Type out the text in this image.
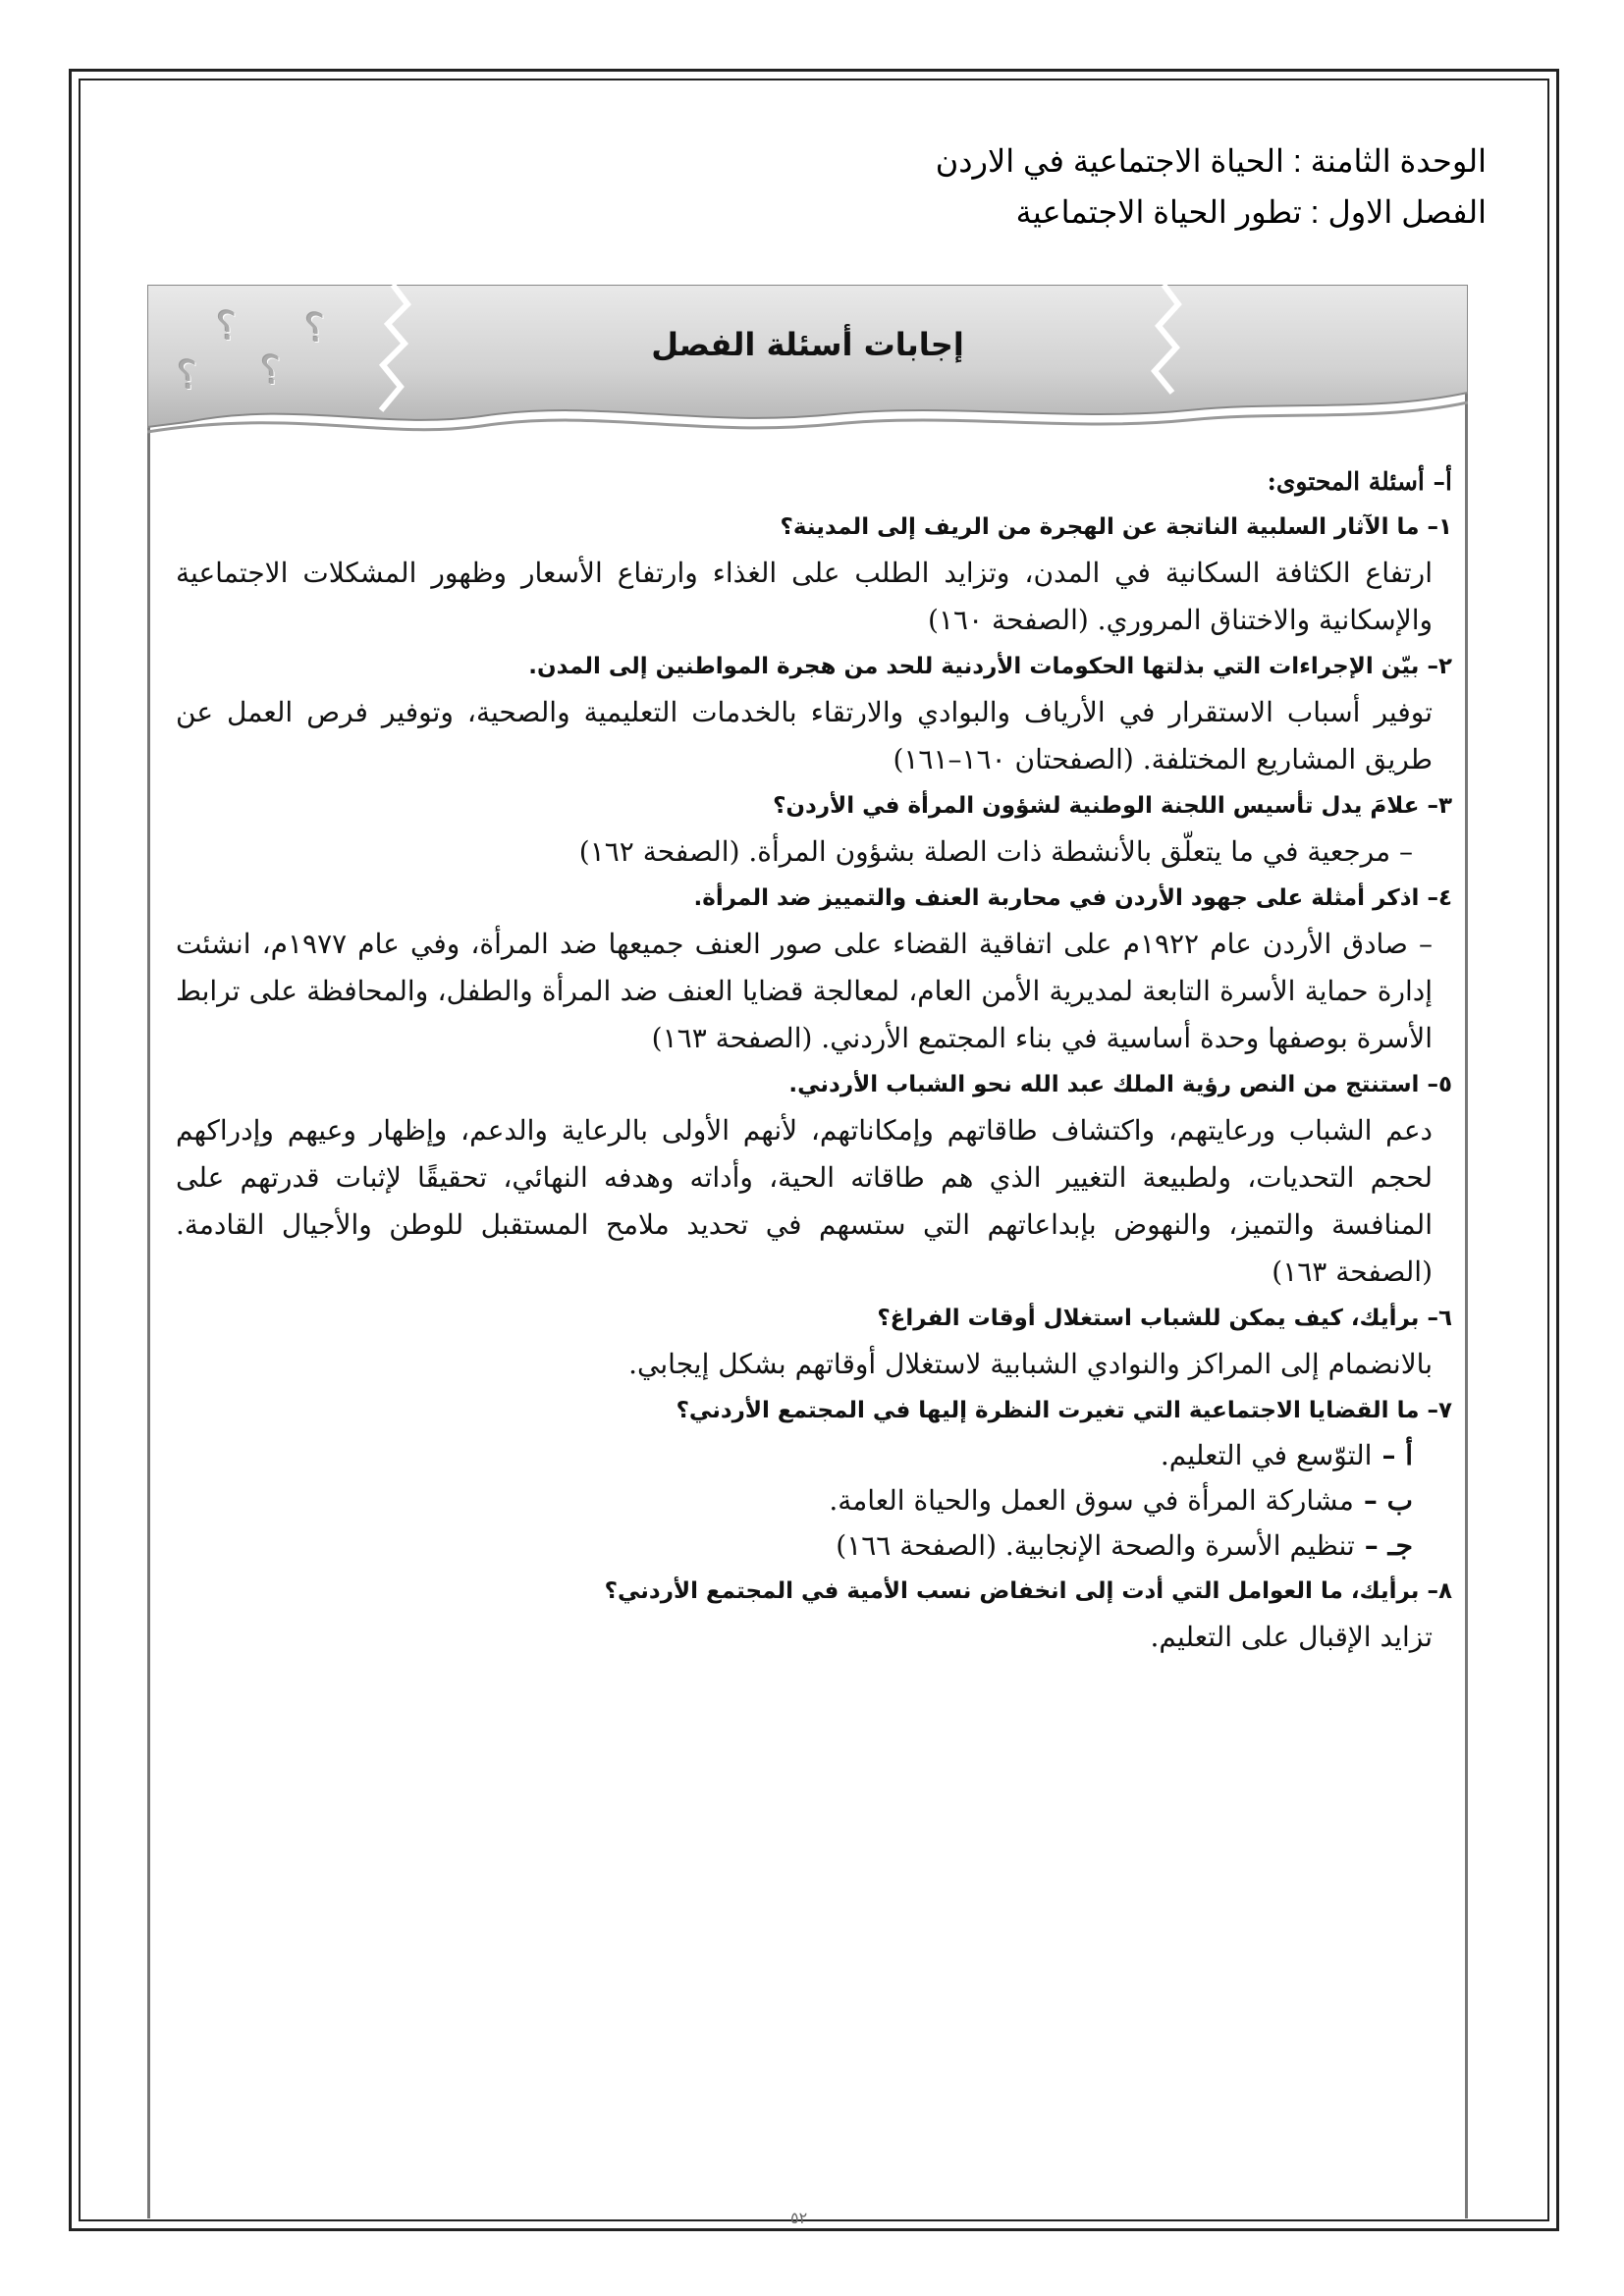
الوحدة الثامنة : الحياة الاجتماعية في الاردن
الفصل الاول : تطور الحياة الاجتماعية
؟
؟
؟
؟	إجابات أسئلة الفصل

أ– أسئلة المحتوى:

١– ما الآثار السلبية الناتجة عن الهجرة من الريف إلى المدينة؟

ارتفاع الكثافة السكانية في المدن، وتزايد الطلب على الغذاء وارتفاع الأسعار وظهور المشكلات الاجتماعية والإسكانية والاختناق المروري. (الصفحة ١٦٠)

٢– بيّن الإجراءات التي بذلتها الحكومات الأردنية للحد من هجرة المواطنين إلى المدن.

توفير أسباب الاستقرار في الأرياف والبوادي والارتقاء بالخدمات التعليمية والصحية، وتوفير فرص العمل عن طريق المشاريع المختلفة. (الصفحتان ١٦٠–١٦١)

٣– علامَ يدل تأسيس اللجنة الوطنية لشؤون المرأة في الأردن؟

– مرجعية في ما يتعلّق بالأنشطة ذات الصلة بشؤون المرأة. (الصفحة ١٦٢)

٤– اذكر أمثلة على جهود الأردن في محاربة العنف والتمييز ضد المرأة.

– صادق الأردن عام ١٩٢٢م على اتفاقية القضاء على صور العنف جميعها ضد المرأة، وفي عام ١٩٧٧م، انشئت إدارة حماية الأسرة التابعة لمديرية الأمن العام، لمعالجة قضايا العنف ضد المرأة والطفل، والمحافظة على ترابط الأسرة بوصفها وحدة أساسية في بناء المجتمع الأردني. (الصفحة ١٦٣)

٥– استنتج من النص رؤية الملك عبد الله نحو الشباب الأردني.

دعم الشباب ورعايتهم، واكتشاف طاقاتهم وإمكاناتهم، لأنهم الأولى بالرعاية والدعم، وإظهار وعيهم وإدراكهم لحجم التحديات، ولطبيعة التغيير الذي هم طاقاته الحية، وأداته وهدفه النهائي، تحقيقًا لإثبات قدرتهم على المنافسة والتميز، والنهوض بإبداعاتهم التي ستسهم في تحديد ملامح المستقبل للوطن والأجيال القادمة. (الصفحة ١٦٣)

٦– برأيك، كيف يمكن للشباب استغلال أوقات الفراغ؟

بالانضمام إلى المراكز والنوادي الشبابية لاستغلال أوقاتهم بشكل إيجابي.

٧– ما القضايا الاجتماعية التي تغيرت النظرة إليها في المجتمع الأردني؟

أ –التوّسع في التعليم.

ب –مشاركة المرأة في سوق العمل والحياة العامة.

جـ –تنظيم الأسرة والصحة الإنجابية. (الصفحة ١٦٦)

٨– برأيك، ما العوامل التي أدت إلى انخفاض نسب الأمية في المجتمع الأردني؟

تزايد الإقبال على التعليم.

٥٢
